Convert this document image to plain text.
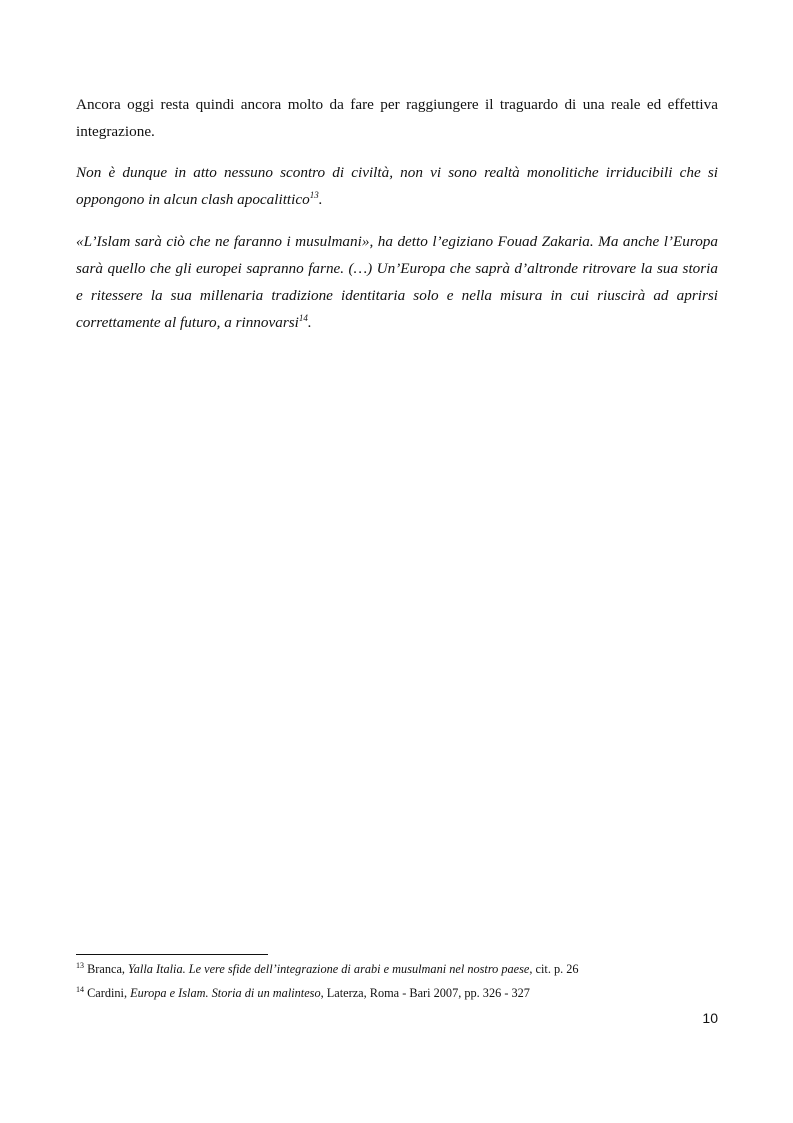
Ancora oggi resta quindi ancora molto da fare per raggiungere il traguardo di una reale ed effettiva integrazione.

Non è dunque in atto nessuno scontro di civiltà, non vi sono realtà monolitiche irriducibili che si oppongono in alcun clash apocalittico$^{13}$.

«L’Islam sarà ciò che ne faranno i musulmani», ha detto l’egiziano Fouad Zakaria. Ma anche l’Europa sarà quello che gli europei sapranno farne. (…) Un’Europa che saprà d’altronde ritrovare la sua storia e ritessere la sua millenaria tradizione identitaria solo e nella misura in cui riuscirà ad aprirsi correttamente al futuro, a rinnovarsi$^{14}$.

$^{13}$ Branca, Yalla Italia. Le vere sfide dell’integrazione di arabi e musulmani nel nostro paese, cit. p. 26

$^{14}$ Cardini, Europa e Islam. Storia di un malinteso, Laterza, Roma - Bari 2007, pp. 326 - 327

10
